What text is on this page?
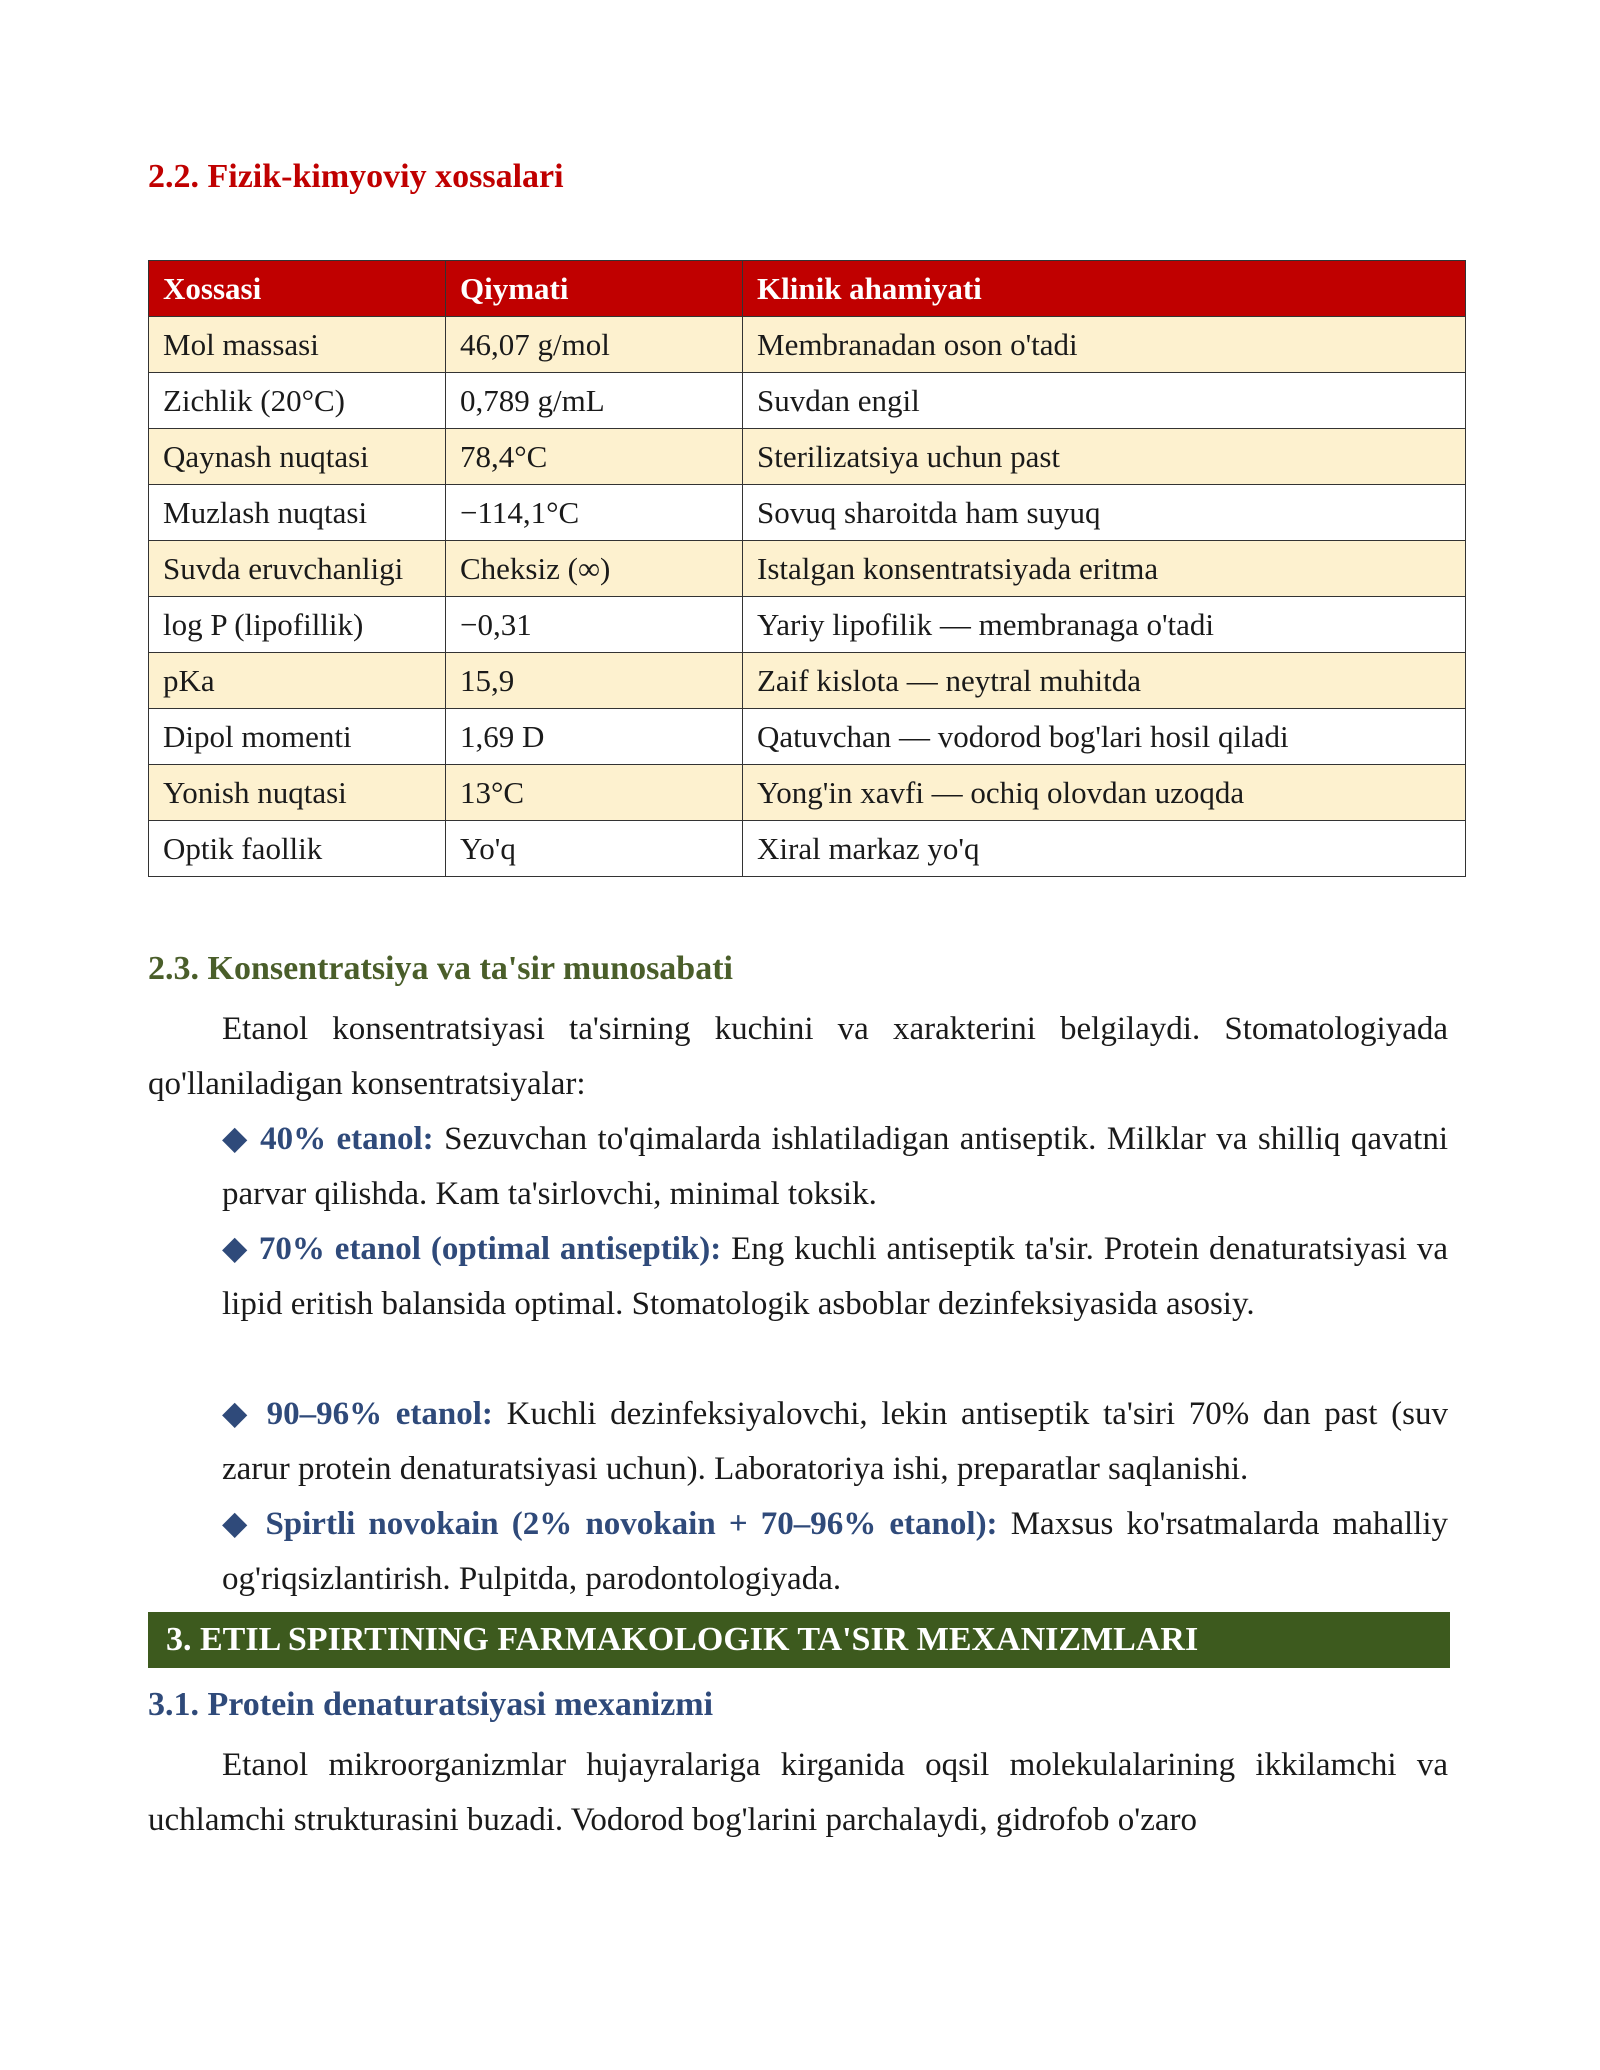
2.2. Fizik-kimyoviy xossalari
Xossasi	Qiymati	Klinik ahamiyati
Mol massasi	46,07 g/mol	Membranadan oson o'tadi
Zichlik (20°C)	0,789 g/mL	Suvdan engil
Qaynash nuqtasi	78,4°C	Sterilizatsiya uchun past
Muzlash nuqtasi	−114,1°C	Sovuq sharoitda ham suyuq
Suvda eruvchanligi	Cheksiz (∞)	Istalgan konsentratsiyada eritma
log P (lipofillik)	−0,31	Yariy lipofilik — membranaga o'tadi
pKa	15,9	Zaif kislota — neytral muhitda
Dipol momenti	1,69 D	Qatuvchan — vodorod bog'lari hosil qiladi
Yonish nuqtasi	13°C	Yong'in xavfi — ochiq olovdan uzoqda
Optik faollik	Yo'q	Xiral markaz yo'q
2.3. Konsentratsiya va ta'sir munosabati

Etanol konsentratsiyasi ta'sirning kuchini va xarakterini belgilaydi. Stomatologiyada qo'llaniladigan konsentratsiyalar:

◆ 40% etanol: Sezuvchan to'qimalarda ishlatiladigan antiseptik. Milklar va shilliq qavatni parvar qilishda. Kam ta'sirlovchi, minimal toksik.

◆ 70% etanol (optimal antiseptik): Eng kuchli antiseptik ta'sir. Protein denaturatsiyasi va lipid eritish balansida optimal. Stomatologik asboblar dezinfeksiyasida asosiy.

◆ 90–96% etanol: Kuchli dezinfeksiyalovchi, lekin antiseptik ta'siri 70% dan past (suv zarur protein denaturatsiyasi uchun). Laboratoriya ishi, preparatlar saqlanishi.

◆ Spirtli novokain (2% novokain + 70–96% etanol): Maxsus ko'rsatmalarda mahalliy og'riqsizlantirish. Pulpitda, parodontologiyada.

3. ETIL SPIRTINING FARMAKOLOGIK TA'SIR MEXANIZMLARI
3.1. Protein denaturatsiyasi mexanizmi

Etanol mikroorganizmlar hujayralariga kirganida oqsil molekulalarining ikkilamchi va uchlamchi strukturasini buzadi. Vodorod bog'larini parchalaydi, gidrofob o'zaro
